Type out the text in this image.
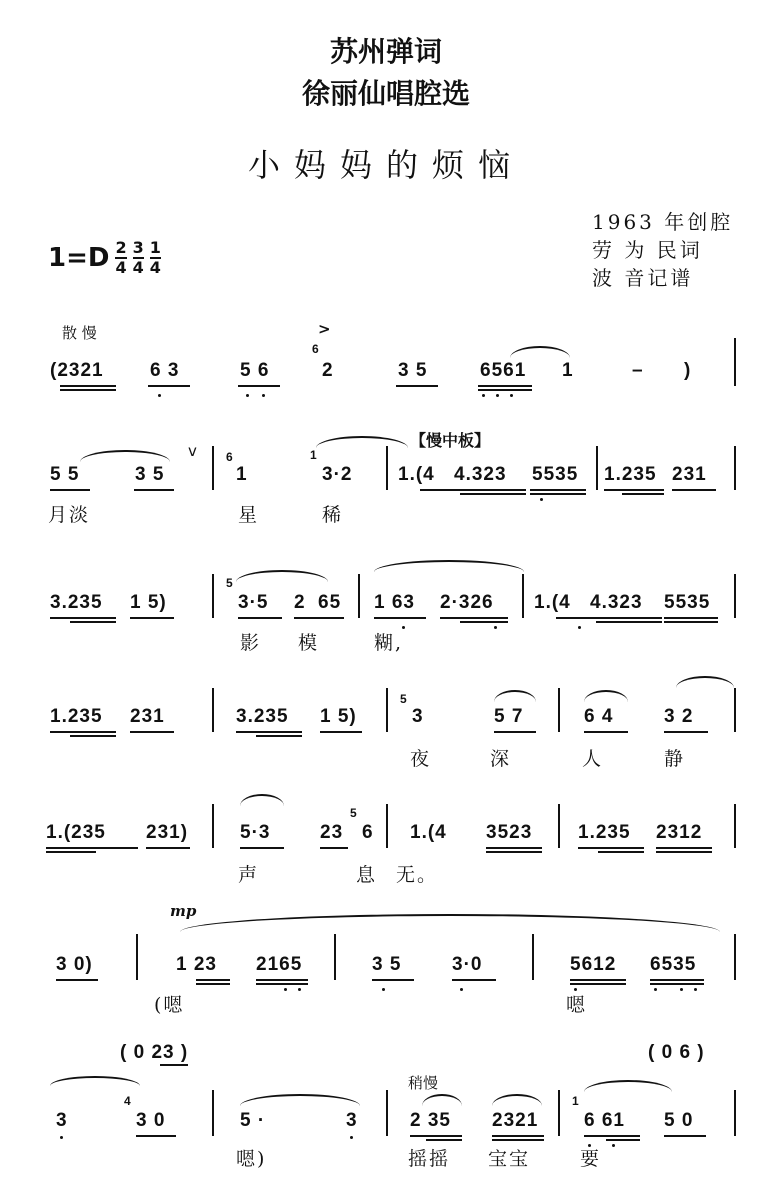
苏州弹词
徐丽仙唱腔选
小妈妈的烦恼
1963 年创腔
劳 为 民词
波 音记谱
1=D 2
4
3
4
1
4
散 慢	>
(2321 6 3	5 6
6
2	3 5	6561 1	– )
【慢中板】
5 5	3 5
v 6
1
1
3·2 1.(4 4.323 5535 1.235 231
月淡	星	稀
3.235 1 5)
5
3·5 2 65 1 63 2·326 1.(4 4.323 5535
影 模	糊,
1.235 231	3.235 1 5)
5
3	5 7	6 4	3 2
夜	深	人	静
1.(235 231)	5·3	23
5
6 1.(4 3523 1.235 2312
声	息 无。
mp
3 0)	1 23 2165	3 5	3·0	5612 6535
(嗯	嗯
( 0 23 )	( 0 6 )
稍慢
3
4
3 0	5 ·	3	2 35 2321
1
6 61 5 0
嗯)	摇摇 宝宝	要
